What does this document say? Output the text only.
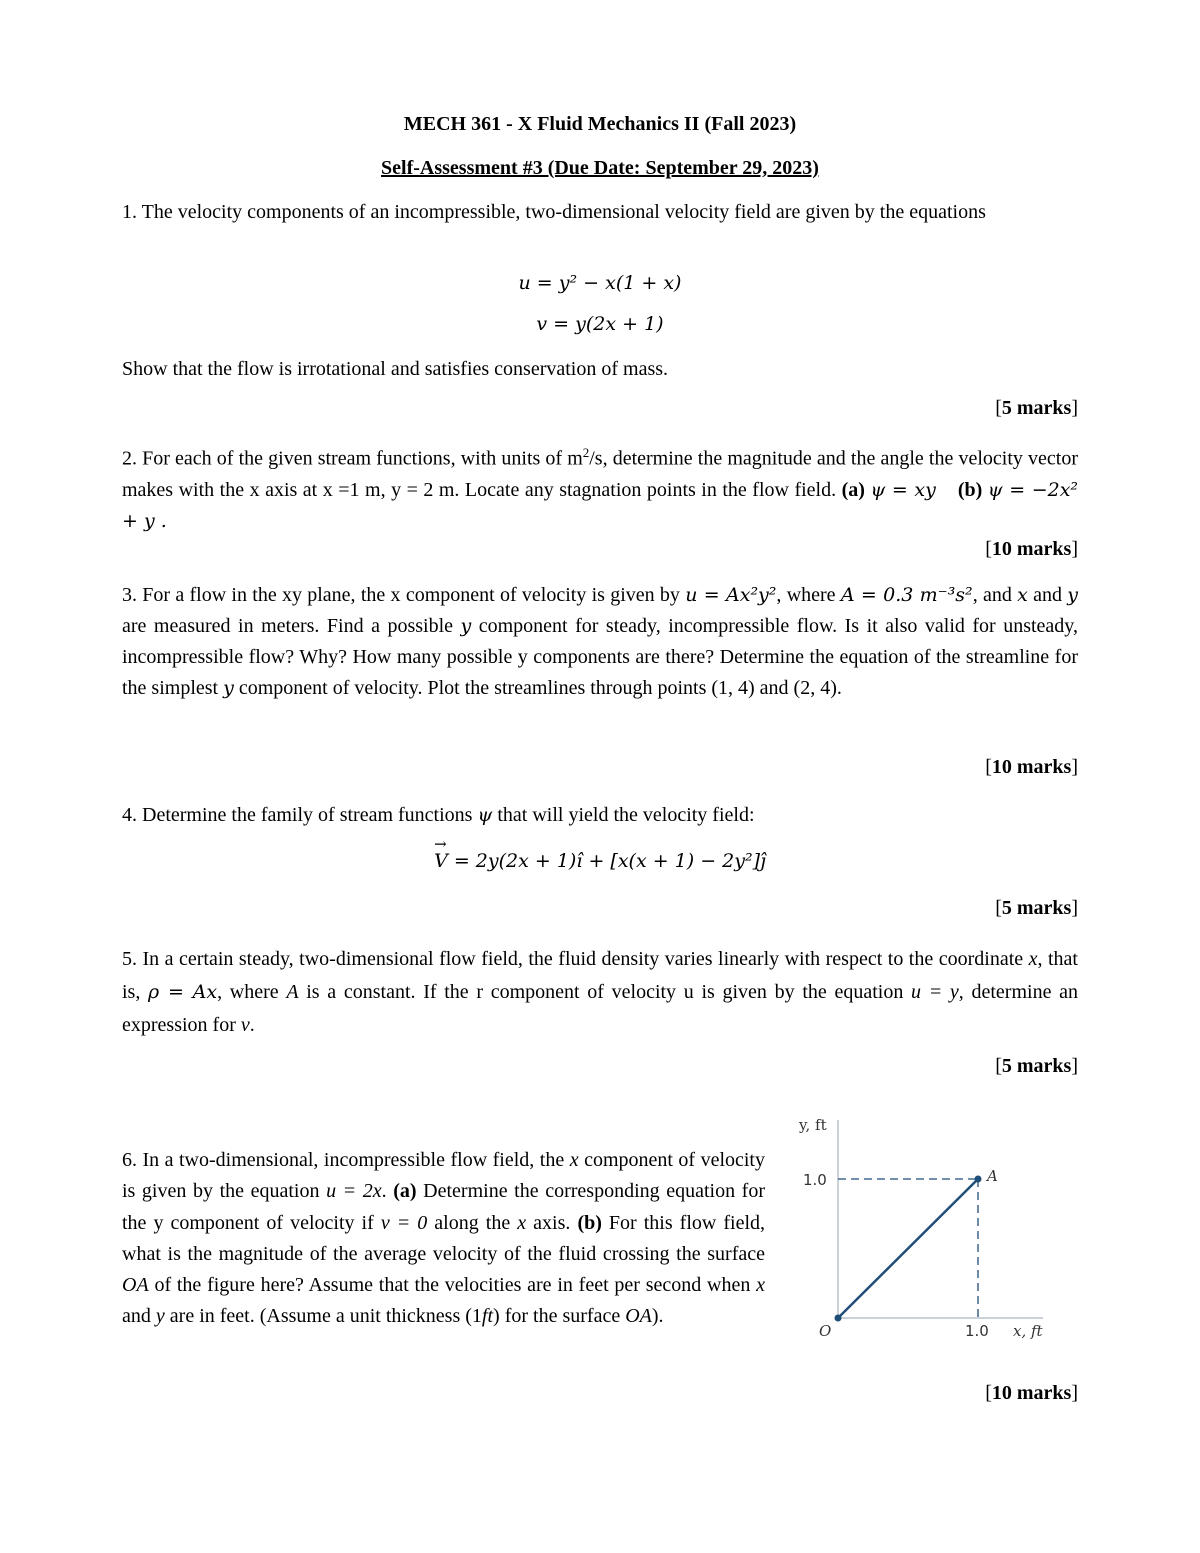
MECH 361 - X Fluid Mechanics II (Fall 2023)
Self-Assessment #3 (Due Date: September 29, 2023)
1. The velocity components of an incompressible, two-dimensional velocity field are given by the equations
u = y² − x(1 + x)
v = y(2x + 1)
Show that the flow is irrotational and satisfies conservation of mass.
[5 marks]
2. For each of the given stream functions, with units of $m^2/s$, determine the magnitude and the angle the velocity vector makes with the x axis at x =1 m, y = 2 m. Locate any stagnation points in the flow field. (a) ψ = xy (b) ψ = −2x² + y .
[10 marks]
3. For a flow in the xy plane, the x component of velocity is given by u = Ax²y², where A = 0.3 m⁻³s², and x and y are measured in meters. Find a possible y component for steady, incompressible flow. Is it also valid for unsteady, incompressible flow? Why? How many possible y components are there? Determine the equation of the streamline for the simplest y component of velocity. Plot the streamlines through points (1, 4) and (2, 4).
[10 marks]
4. Determine the family of stream functions ψ that will yield the velocity field:
→ V = 2y(2x + 1)î + [x(x + 1) − 2y²]ĵ
[5 marks]
5. In a certain steady, two-dimensional flow field, the fluid density varies linearly with respect to the coordinate x, that is, ρ = Ax, where A is a constant. If the r component of velocity u is given by the equation u = y, determine an expression for v.
[5 marks]
6. In a two-dimensional, incompressible flow field, the x component of velocity is given by the equation u = 2x. (a) Determine the corresponding equation for the y component of velocity if v = 0 along the x axis. (b) For this flow field, what is the magnitude of the average velocity of the fluid crossing the surface OA of the figure here? Assume that the velocities are in feet per second when x and y are in feet. (Assume a unit thickness (1ft) for the surface OA).
y, ft
1.0
1.0 x, ft
O
A
[10 marks]
